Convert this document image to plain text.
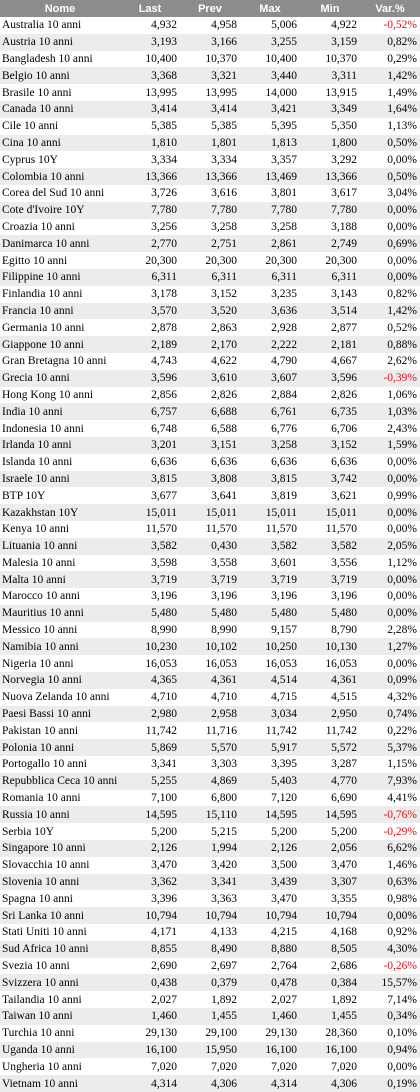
Nome	Last	Prev	Max	Min	Var.%
Australia 10 anni	4,932	4,958	5,006	4,922	-0,52%
Austria 10 anni	3,193	3,166	3,255	3,159	0,82%
Bangladesh 10 anni	10,400	10,370	10,400	10,370	0,29%
Belgio 10 anni	3,368	3,321	3,440	3,311	1,42%
Brasile 10 anni	13,995	13,995	14,000	13,915	1,49%
Canada 10 anni	3,414	3,414	3,421	3,349	1,64%
Cile 10 anni	5,385	5,385	5,395	5,350	1,13%
Cina 10 anni	1,810	1,801	1,813	1,800	0,50%
Cyprus 10Y	3,334	3,334	3,357	3,292	0,00%
Colombia 10 anni	13,366	13,366	13,469	13,366	0,50%
Corea del Sud 10 anni	3,726	3,616	3,801	3,617	3,04%
Cote d'Ivoire 10Y	7,780	7,780	7,780	7,780	0,00%
Croazia 10 anni	3,256	3,258	3,258	3,188	0,00%
Danimarca 10 anni	2,770	2,751	2,861	2,749	0,69%
Egitto 10 anni	20,300	20,300	20,300	20,300	0,00%
Filippine 10 anni	6,311	6,311	6,311	6,311	0,00%
Finlandia 10 anni	3,178	3,152	3,235	3,143	0,82%
Francia 10 anni	3,570	3,520	3,636	3,514	1,42%
Germania 10 anni	2,878	2,863	2,928	2,877	0,52%
Giappone 10 anni	2,189	2,170	2,222	2,181	0,88%
Gran Bretagna 10 anni	4,743	4,622	4,790	4,667	2,62%
Grecia 10 anni	3,596	3,610	3,607	3,596	-0,39%
Hong Kong 10 anni	2,856	2,826	2,884	2,826	1,06%
India 10 anni	6,757	6,688	6,761	6,735	1,03%
Indonesia 10 anni	6,748	6,588	6,776	6,706	2,43%
Irlanda 10 anni	3,201	3,151	3,258	3,152	1,59%
Islanda 10 anni	6,636	6,636	6,636	6,636	0,00%
Israele 10 anni	3,815	3,808	3,815	3,742	0,00%
BTP 10Y	3,677	3,641	3,819	3,621	0,99%
Kazakhstan 10Y	15,011	15,011	15,011	15,011	0,00%
Kenya 10 anni	11,570	11,570	11,570	11,570	0,00%
Lituania 10 anni	3,582	0,430	3,582	3,582	2,05%
Malesia 10 anni	3,598	3,558	3,601	3,556	1,12%
Malta 10 anni	3,719	3,719	3,719	3,719	0,00%
Marocco 10 anni	3,196	3,196	3,196	3,196	0,00%
Mauritius 10 anni	5,480	5,480	5,480	5,480	0,00%
Messico 10 anni	8,990	8,990	9,157	8,790	2,28%
Namibia 10 anni	10,230	10,102	10,250	10,130	1,27%
Nigeria 10 anni	16,053	16,053	16,053	16,053	0,00%
Norvegia 10 anni	4,365	4,361	4,514	4,361	0,09%
Nuova Zelanda 10 anni	4,710	4,710	4,715	4,515	4,32%
Paesi Bassi 10 anni	2,980	2,958	3,034	2,950	0,74%
Pakistan 10 anni	11,742	11,716	11,742	11,742	0,22%
Polonia 10 anni	5,869	5,570	5,917	5,572	5,37%
Portogallo 10 anni	3,341	3,303	3,395	3,287	1,15%
Repubblica Ceca 10 anni	5,255	4,869	5,403	4,770	7,93%
Romania 10 anni	7,100	6,800	7,120	6,690	4,41%
Russia 10 anni	14,595	15,110	14,595	14,595	-0,76%
Serbia 10Y	5,200	5,215	5,200	5,200	-0,29%
Singapore 10 anni	2,126	1,994	2,126	2,056	6,62%
Slovacchia 10 anni	3,470	3,420	3,500	3,470	1,46%
Slovenia 10 anni	3,362	3,341	3,439	3,307	0,63%
Spagna 10 anni	3,396	3,363	3,470	3,355	0,98%
Sri Lanka 10 anni	10,794	10,794	10,794	10,794	0,00%
Stati Uniti 10 anni	4,171	4,133	4,215	4,168	0,92%
Sud Africa 10 anni	8,855	8,490	8,880	8,505	4,30%
Svezia 10 anni	2,690	2,697	2,764	2,686	-0,26%
Svizzera 10 anni	0,438	0,379	0,478	0,384	15,57%
Tailandia 10 anni	2,027	1,892	2,027	1,892	7,14%
Taiwan 10 anni	1,460	1,455	1,460	1,455	0,34%
Turchia 10 anni	29,130	29,100	29,130	28,360	0,10%
Uganda 10 anni	16,100	15,950	16,100	16,100	0,94%
Ungheria 10 anni	7,020	7,020	7,020	7,020	0,00%
Vietnam 10 anni	4,314	4,306	4,314	4,306	0,19%
